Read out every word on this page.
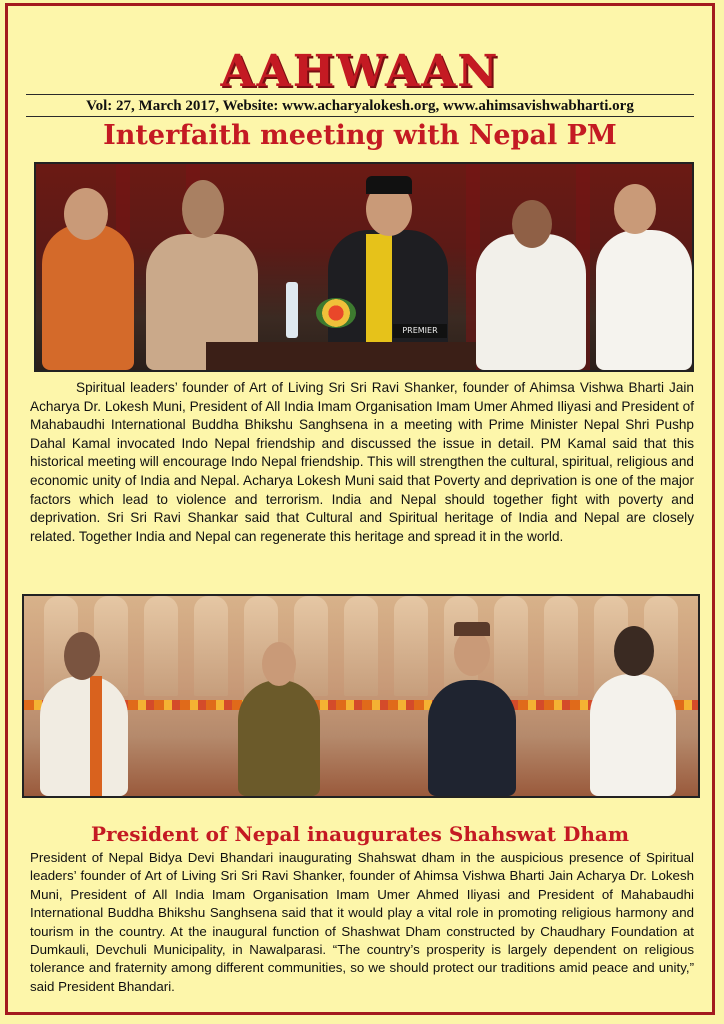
AAHWAAN
Vol: 27, March 2017, Website: www.acharyalokesh.org, www.ahimsavishwabharti.org
Interfaith meeting with Nepal PM
PREMIER
Spiritual leaders’ founder of Art of Living Sri Sri Ravi Shanker, founder of Ahimsa Vishwa Bharti Jain Acharya Dr. Lokesh Muni, President of All India Imam Organisation Imam Umer Ahmed Iliyasi and President of Mahabaudhi International Buddha Bhikshu Sanghsena in a meeting with Prime Minister Nepal Shri Pushp Dahal Kamal invocated Indo Nepal friendship and discussed the issue in detail. PM Kamal said that this historical meeting will encourage Indo Nepal friendship. This will strengthen the cultural, spiritual, religious and economic unity of India and Nepal. Acharya Lokesh Muni said that Poverty and deprivation is one of the major factors which lead to violence and terrorism. India and Nepal should together fight with poverty and deprivation. Sri Sri Ravi Shankar said that Cultural and Spiritual heritage of India and Nepal are closely related. Together India and Nepal can regenerate this heritage and spread it in the world.
President of Nepal inaugurates Shahswat Dham
President of Nepal Bidya Devi Bhandari inaugurating Shahswat dham in the auspicious presence of Spiritual leaders’ founder of Art of Living Sri Sri Ravi Shanker, founder of Ahimsa Vishwa Bharti Jain Acharya Dr. Lokesh Muni, President of All India Imam Organisation Imam Umer Ahmed Iliyasi and President of Mahabaudhi International Buddha Bhikshu Sanghsena said that it would play a vital role in promoting religious harmony and tourism in the country. At the inaugural function of Shashwat Dham constructed by Chaudhary Foundation at Dumkauli, Devchuli Municipality, in Nawalparasi. “The country’s prosperity is largely dependent on religious tolerance and fraternity among different communities, so we should protect our traditions amid peace and unity,” said President Bhandari.
